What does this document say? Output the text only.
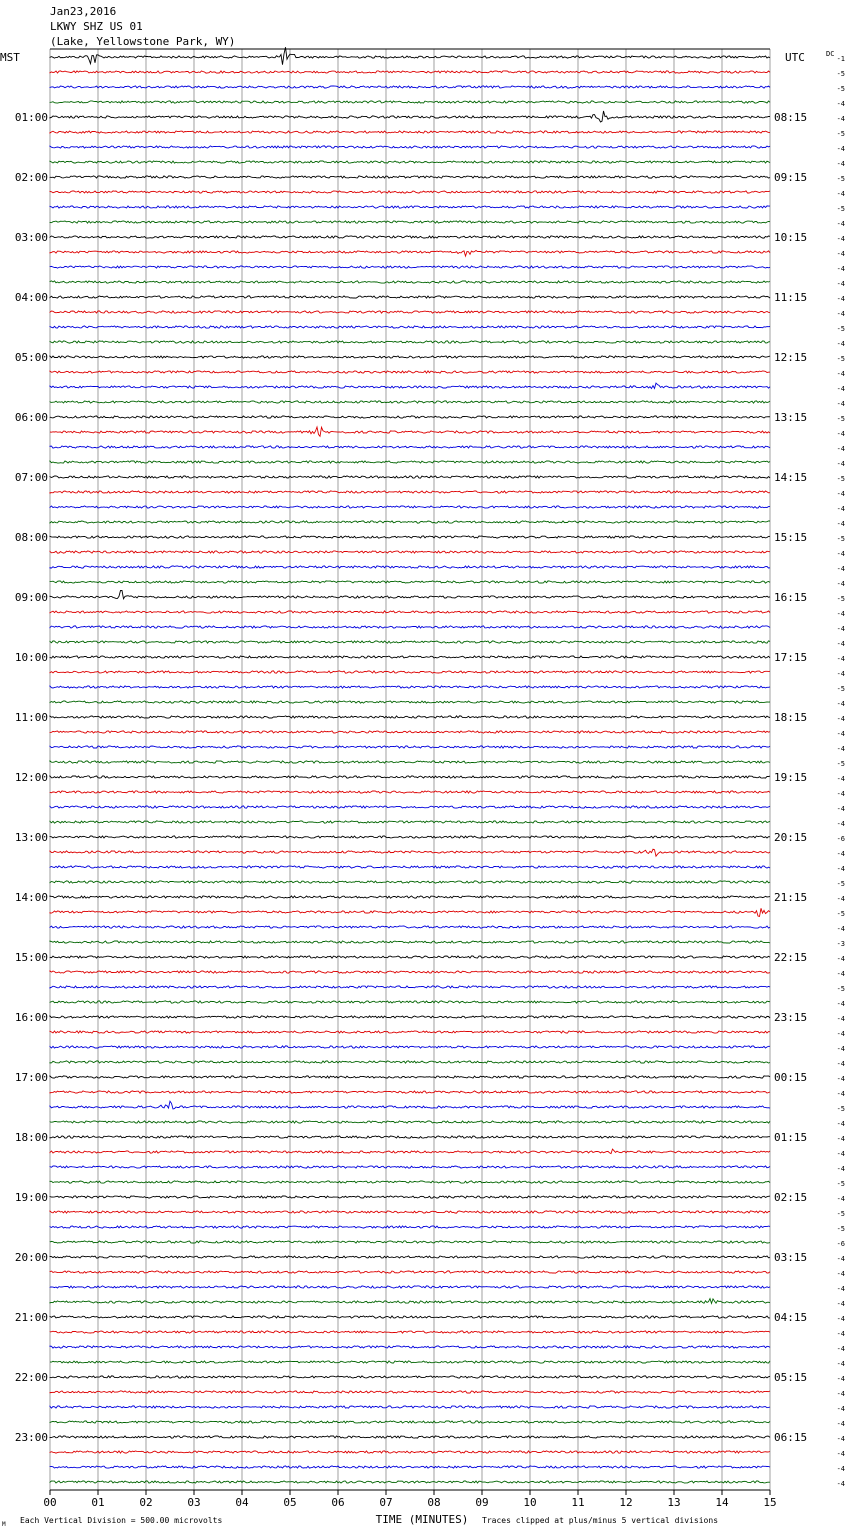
-1
-5
-5
-4
-4
-5
-4
-4
-5
-4
-5
-4
-4
-4
-4
-4
-4
-4
-5
-4
-5
-4
-4
-4
-5
-4
-4
-4
-5
-4
-4
-4
-5
-4
-4
-4
-5
-4
-4
-4
-4
-4
-5
-4
-4
-4
-4
-5
-4
-4
-4
-4
-6
-4
-4
-5
-4
-5
-4
-3
-4
-4
-5
-4
-4
-4
-4
-4
-4
-4
-5
-4
-4
-4
-4
-5
-4
-5
-5
-6
-4
-4
-4
-4
-4
-4
-4
-4
-4
-4
-4
-4
-4
-4
-4
-4
DC
01:00	08:15
02:00	09:15
03:00	10:15
04:00	11:15
05:00	12:15
06:00	13:15
07:00	14:15
08:00	15:15
09:00	16:15
10:00	17:15
11:00	18:15
12:00	19:15
13:00	20:15
14:00	21:15
15:00	22:15
16:00	23:15
17:00	00:15
18:00	01:15
19:00	02:15
20:00	03:15
21:00	04:15
22:00	05:15
23:00	06:15
MST	UTC
00	01	02	03	04	05	06	07	08	09	10	11	12	13	14	15
TIME (MINUTES)
Each Vertical Division = 500.00 microvolts	Traces clipped at plus/minus 5 vertical divisions
M
Jan23,2016
LKWY SHZ US 01
(Lake, Yellowstone Park, WY)
